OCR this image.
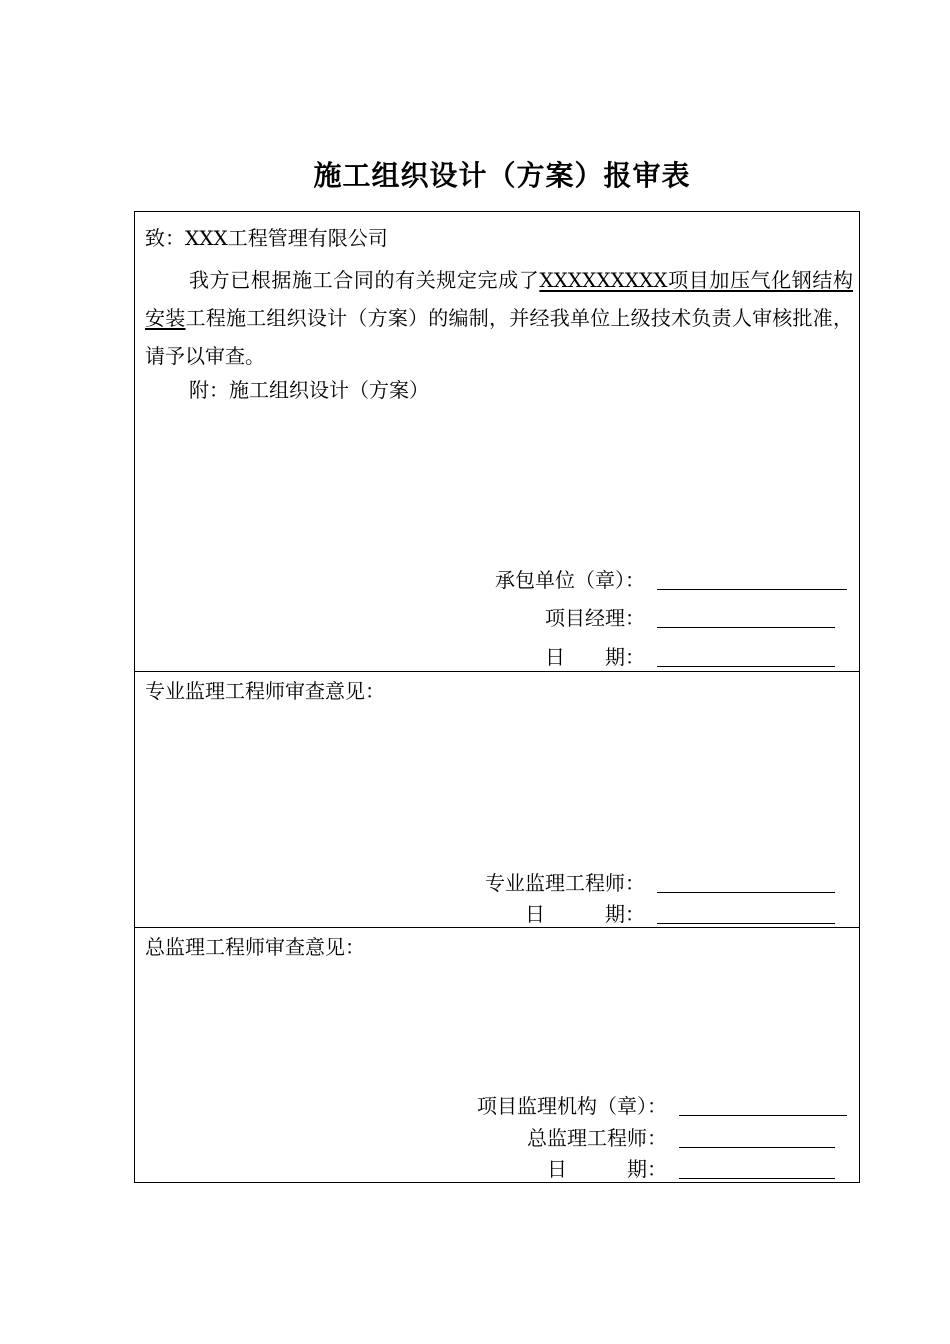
施工组织设计（方案）报审表
致：XXX工程管理有限公司
我方已根据施工合同的有关规定完成了XXXXXXXXX项目加压气化钢结构安装工程施工组织设计（方案）的编制，并经我单位上级技术负责人审核批准，请予以审查。
附：施工组织设计（方案）
承包单位（章）：
项目经理：
日　　期：
专业监理工程师审查意见：
专业监理工程师：
日　　　期：
总监理工程师审查意见：
项目监理机构（章）：
总监理工程师：
日　　　期：
